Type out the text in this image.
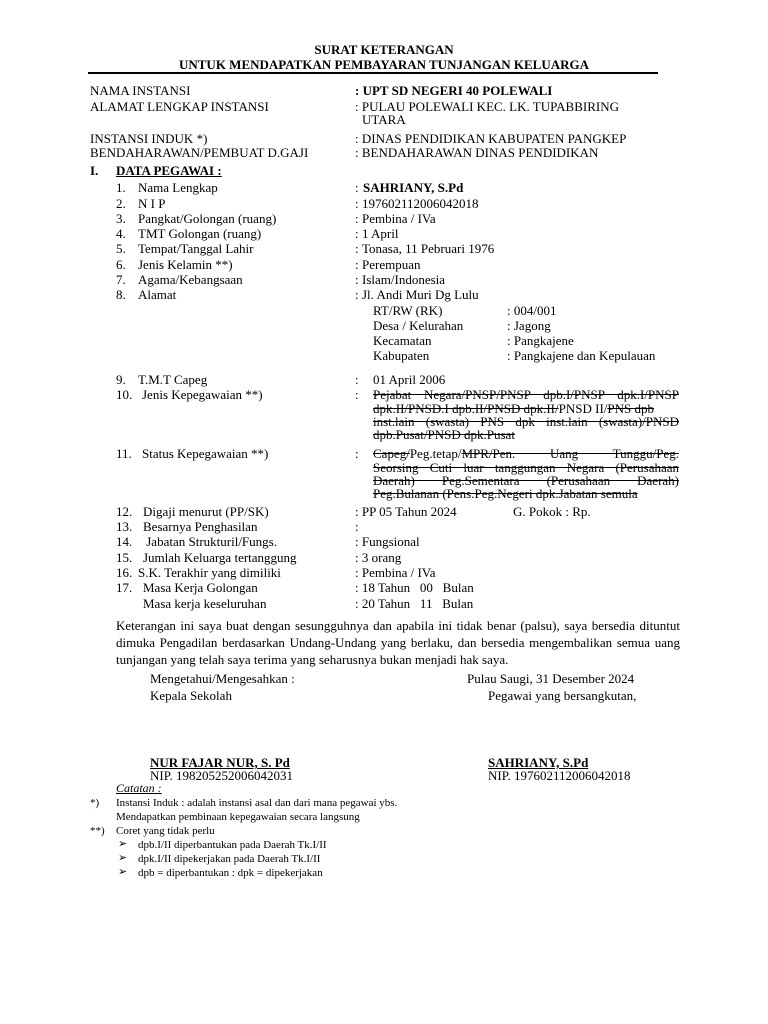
SURAT KETERANGAN
UNTUK MENDAPATKAN PEMBAYARAN TUNJANGAN KELUARGA
NAMA INSTANSI	: UPT SD NEGERI 40 POLEWALI
ALAMAT LENGKAP INSTANSI	: PULAU POLEWALI KEC. LK. TUPABBIRING
UTARA
INSTANSI INDUK *)	: DINAS PENDIDIKAN KABUPATEN PANGKEP
BENDAHARAWAN/PEMBUAT D.GAJI	: BENDAHARAWAN DINAS PENDIDIKAN
I. DATA PEGAWAI :
1. Nama Lengkap	: SAHRIANY, S.Pd
2. N I P	: 197602112006042018
3. Pangkat/Golongan (ruang)	: Pembina / IVa
4. TMT Golongan (ruang)	: 1 April
5. Tempat/Tanggal Lahir	: Tonasa, 11 Pebruari 1976
6. Jenis Kelamin **)	: Perempuan
7. Agama/Kebangsaan	: Islam/Indonesia
8. Alamat	: Jl. Andi Muri Dg Lulu
RT/RW (RK)	: 004/001
Desa / Kelurahan	: Jagong
Kecamatan	: Pangkajene
Kabupaten	: Pangkajene dan Kepulauan
9. T.M.T Capeg	: 01 April 2006
10. Jenis Kepegawaian **)	: Pejabat Negara/PNSP/PNSP dpb.I/PNSP dpk.I/PNSP
dpk.II/PNSD.I dpb.II/PNSD dpk.II/PNSD II/PNS dpb
inst.lain (swasta) PNS dpk inst.lain (swasta)/PNSD
dpb.Pusat/PNSD dpk.Pusat
11. Status Kepegawaian **)	: Capeg/Peg.tetap/ MPR/Pen. Uang Tunggu/Peg.
Seorsing Cuti luar tanggungan Negara (Perusahaan
Daerah) Peg.Sementara (Perusahaan Daerah)
Peg.Bulanan (Pens.Peg.Negeri dpk.Jabatan semula
12. Digaji menurut (PP/SK)	: PP 05 Tahun 2024	G. Pokok : Rp.
13. Besarnya Penghasilan	:
14. Jabatan Strukturil/Fungs.	: Fungsional
15. Jumlah Keluarga tertanggung	: 3 orang
16. S.K. Terakhir yang dimiliki	: Pembina / IVa
17. Masa Kerja Golongan	: 18 Tahun   00   Bulan
Masa kerja keseluruhan	: 20 Tahun   11   Bulan
Keterangan ini saya buat dengan sesungguhnya dan apabila ini tidak benar (palsu), saya bersedia dituntut dimuka Pengadilan berdasarkan Undang-Undang yang berlaku, dan bersedia mengembalikan semua uang tunjangan yang telah saya terima yang seharusnya bukan menjadi hak saya.
Mengetahui/Mengesahkan :
Kepala Sekolah
Pulau Saugi, 31 Desember 2024
Pegawai yang bersangkutan,
NUR FAJAR NUR, S. Pd
NIP. 198205252006042031
SAHRIANY, S.Pd
NIP. 197602112006042018
Catatan :
*) Instansi Induk : adalah instansi asal dan dari mana pegawai ybs.
Mendapatkan pembinaan kepegawaian secara langsung
**) Coret yang tidak perlu
➢ dpb.I/II diperbantukan pada Daerah Tk.I/II
➢ dpk.I/II dipekerjakan pada Daerah Tk.I/II
➢ dpb = diperbantukan : dpk = dipekerjakan
